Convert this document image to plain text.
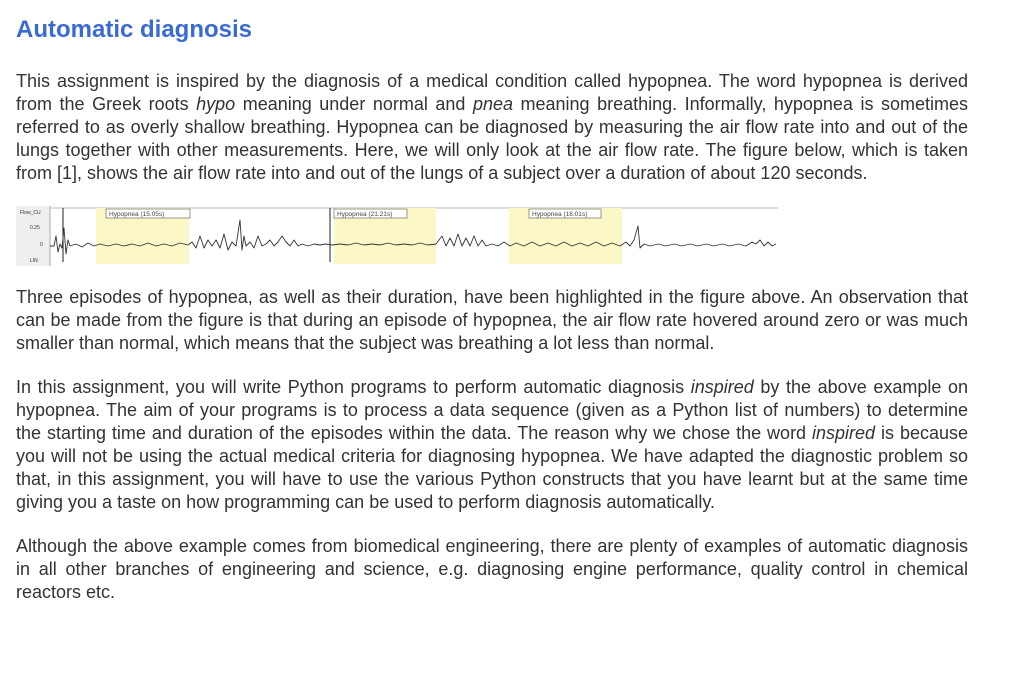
Automatic diagnosis

This assignment is inspired by the diagnosis of a medical condition called hypopnea. The word hypopnea is derived from the Greek roots hypo meaning under normal and pnea meaning breathing. Informally, hypopnea is sometimes referred to as overly shallow breathing. Hypopnea can be diagnosed by measuring the air flow rate into and out of the lungs together with other measurements. Here, we will only look at the air flow rate. The figure below, which is taken from [1], shows the air flow rate into and out of the lungs of a subject over a duration of about 120 seconds.

Flow_CU
0.25
0
LIN
Hypopnea (15.05s)	Hypopnea (21.21s)	Hypopnea (18.01s)

Three episodes of hypopnea, as well as their duration, have been highlighted in the figure above. An observation that can be made from the figure is that during an episode of hypopnea, the air flow rate hovered around zero or was much smaller than normal, which means that the subject was breathing a lot less than normal.

In this assignment, you will write Python programs to perform automatic diagnosis inspired by the above example on hypopnea. The aim of your programs is to process a data sequence (given as a Python list of numbers) to determine the starting time and duration of the episodes within the data. The reason why we chose the word inspired is because you will not be using the actual medical criteria for diagnosing hypopnea. We have adapted the diagnostic problem so that, in this assignment, you will have to use the various Python constructs that you have learnt but at the same time giving you a taste on how programming can be used to perform diagnosis automatically.

Although the above example comes from biomedical engineering, there are plenty of examples of automatic diagnosis in all other branches of engineering and science, e.g. diagnosing engine performance, quality control in chemical reactors etc.
